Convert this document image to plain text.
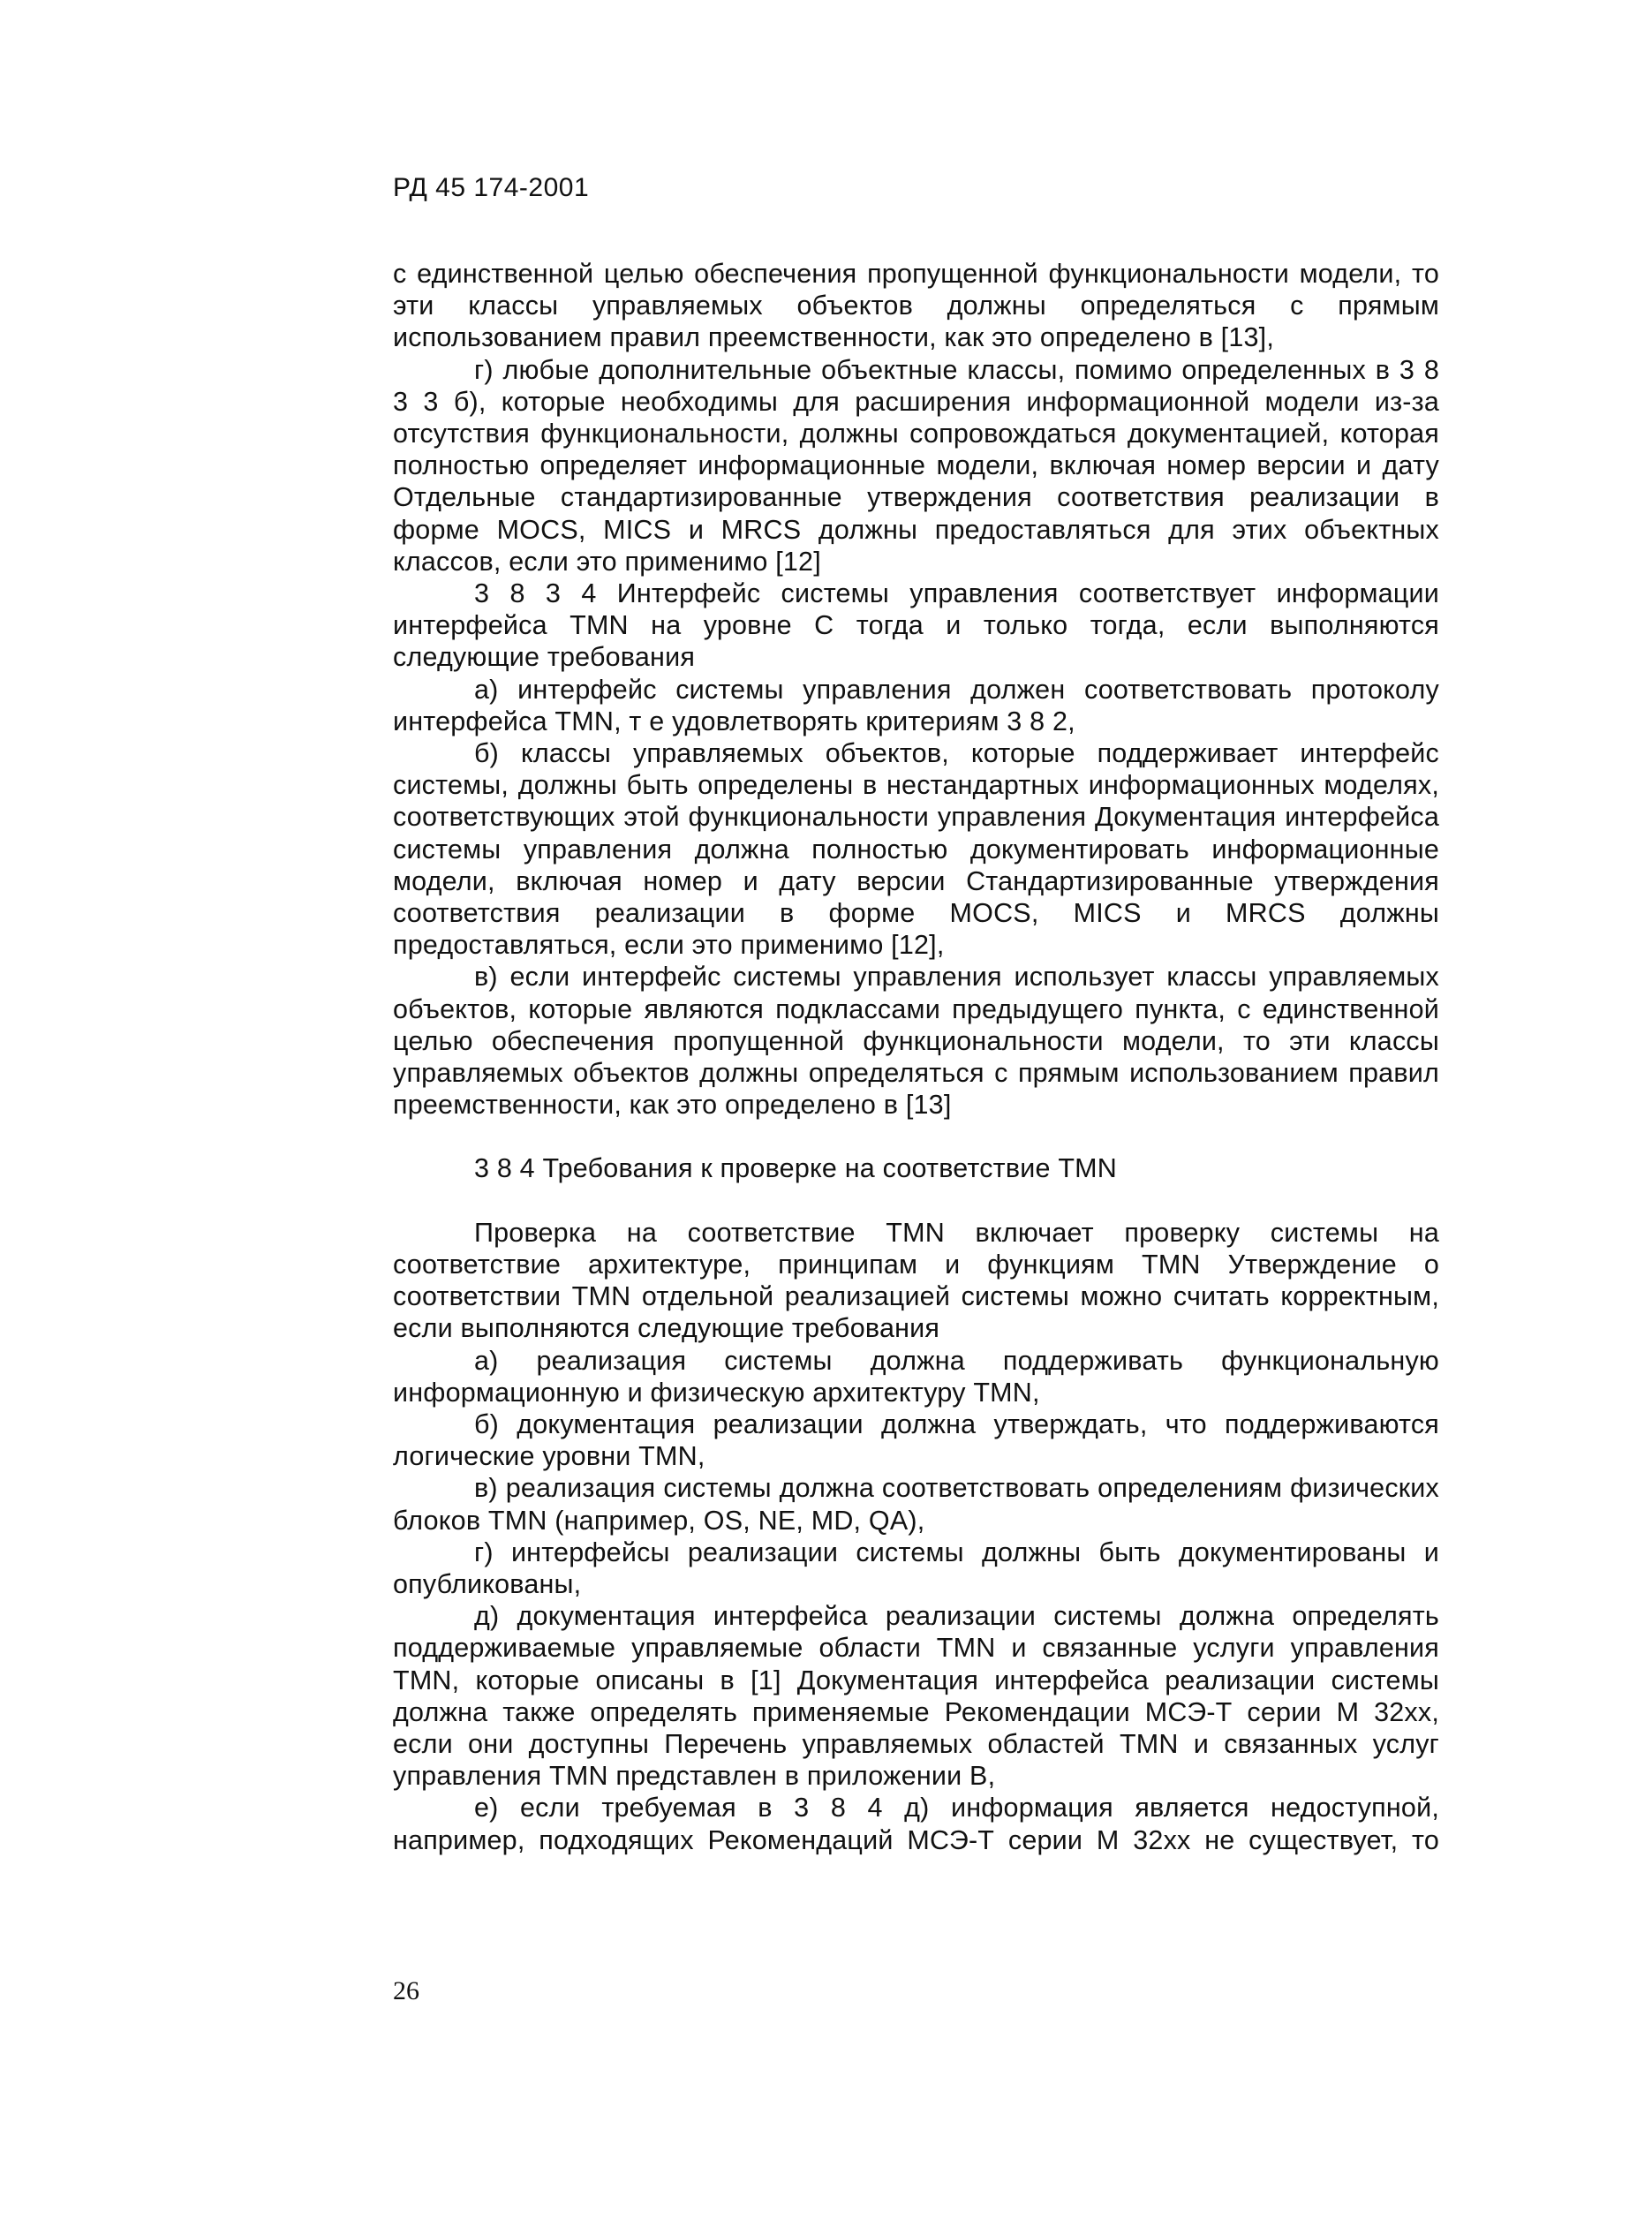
РД 45 174-2001

с единственной целью обеспечения пропущенной функциональности модели, то эти классы управляемых объектов должны определяться с прямым использованием правил преемственности, как это определено в [13],

г) любые дополнительные объектные классы, помимо определенных в 3 8 3 3 б), которые необходимы для расширения информационной модели из-за отсутствия функциональности, должны сопровождаться документацией, которая полностью определяет информационные модели, включая номер версии и дату Отдельные стандартизированные утверждения соответствия реализации в форме MOCS, MICS и MRCS должны предоставляться для этих объектных классов, если это применимо [12]

3 8 3 4 Интерфейс системы управления соответствует информации интерфейса TMN на уровне С тогда и только тогда, если выполняются следующие требования

а) интерфейс системы управления должен соответствовать протоколу интерфейса TMN, т е удовлетворять критериям 3 8 2,

б) классы управляемых объектов, которые поддерживает интерфейс системы, должны быть определены в нестандартных информационных моделях, соответствующих этой функциональности управления Документация интерфейса системы управления должна полностью документировать информационные модели, включая номер и дату версии Стандартизированные утверждения соответствия реализации в форме MOCS, MICS и MRCS должны предоставляться, если это применимо [12],

в) если интерфейс системы управления использует классы управляемых объектов, которые являются подклассами предыдущего пункта, с единственной целью обеспечения пропущенной функциональности модели, то эти классы управляемых объектов должны определяться с прямым использованием правил преемственности, как это определено в [13]

3 8 4 Требования к проверке на соответствие TMN

Проверка на соответствие TMN включает проверку системы на соответствие архитектуре, принципам и функциям TMN Утверждение о соответствии TMN отдельной реализацией системы можно считать корректным, если выполняются следующие требования

а) реализация системы должна поддерживать функциональную информационную и физическую архитектуру TMN,

б) документация реализации должна утверждать, что поддерживаются логические уровни TMN,

в) реализация системы должна соответствовать определениям физических блоков TMN (например, OS, NE, MD, QA),

г) интерфейсы реализации системы должны быть документированы и опубликованы,

д) документация интерфейса реализации системы должна определять поддерживаемые управляемые области TMN и связанные услуги управления TMN, которые описаны в [1] Документация интерфейса реализации системы должна также определять применяемые Рекомендации МСЭ-Т серии М 32хх, если они доступны Перечень управляемых областей TMN и связанных услуг управления TMN представлен в приложении В,

е) если требуемая в 3 8 4 д) информация является недоступной, например, подходящих Рекомендаций МСЭ-Т серии М 32хх не существует, то

26
